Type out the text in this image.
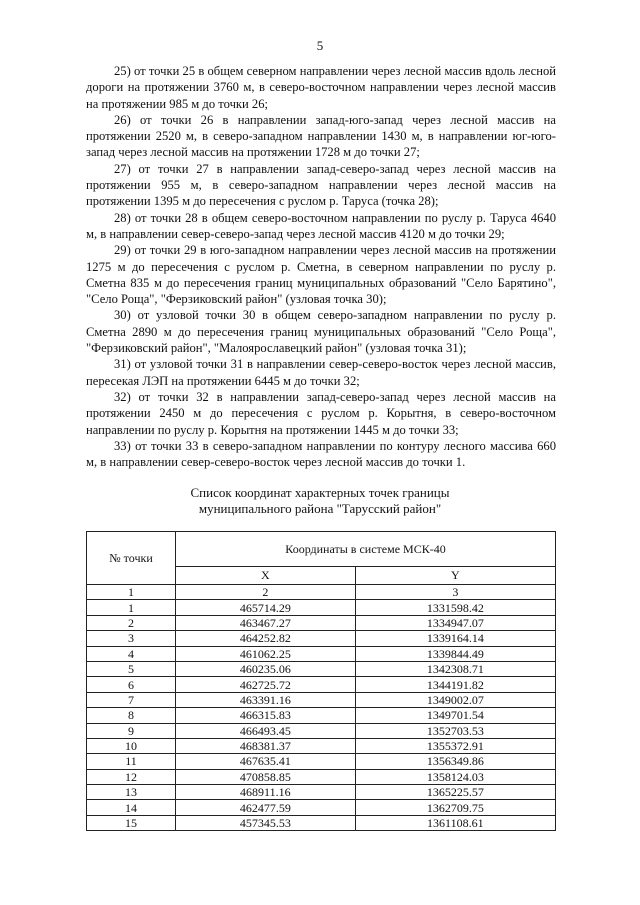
5

25) от точки 25 в общем северном направлении через лесной массив вдоль лесной дороги на протяжении 3760 м, в северо-восточном направлении через лесной массив на протяжении 985 м до точки 26;

26) от точки 26 в направлении запад-юго-запад через лесной массив на протяжении 2520 м, в северо-западном направлении 1430 м, в направлении юг-юго-запад через лесной массив на протяжении 1728 м до точки 27;

27) от точки 27 в направлении запад-северо-запад через лесной массив на протяжении 955 м, в северо-западном направлении через лесной массив на протяжении 1395 м до пересечения с руслом р. Таруса (точка 28);

28) от точки 28 в общем северо-восточном направлении по руслу р. Таруса 4640 м, в направлении север-северо-запад через лесной массив 4120 м до точки 29;

29) от точки 29 в юго-западном направлении через лесной массив на протяжении 1275 м до пересечения с руслом р. Сметна, в северном направлении по руслу р. Сметна 835 м до пересечения границ муниципальных образований "Село Барятино", "Село Роща", "Ферзиковский район" (узловая точка 30);

30) от узловой точки 30 в общем северо-западном направлении по руслу р. Сметна 2890 м до пересечения границ муниципальных образований "Село Роща", "Ферзиковский район", "Малоярославецкий район" (узловая точка 31);

31) от узловой точки 31 в направлении север-северо-восток через лесной массив, пересекая ЛЭП на протяжении 6445 м до точки 32;

32) от точки 32 в направлении запад-северо-запад через лесной массив на протяжении 2450 м до пересечения с руслом р. Корытня, в северо-восточном направлении по руслу р. Корытня на протяжении 1445 м до точки 33;

33) от точки 33 в северо-западном направлении по контуру лесного массива 660 м, в направлении север-северо-восток через лесной массив до точки 1.

Список координат характерных точек границы
муниципального района "Тарусский район"
№ точки	Координаты в системе МСК-40	
	X	Y
1	2	3
1	465714.29	1331598.42
2	463467.27	1334947.07
3	464252.82	1339164.14
4	461062.25	1339844.49
5	460235.06	1342308.71
6	462725.72	1344191.82
7	463391.16	1349002.07
8	466315.83	1349701.54
9	466493.45	1352703.53
10	468381.37	1355372.91
11	467635.41	1356349.86
12	470858.85	1358124.03
13	468911.16	1365225.57
14	462477.59	1362709.75
15	457345.53	1361108.61
